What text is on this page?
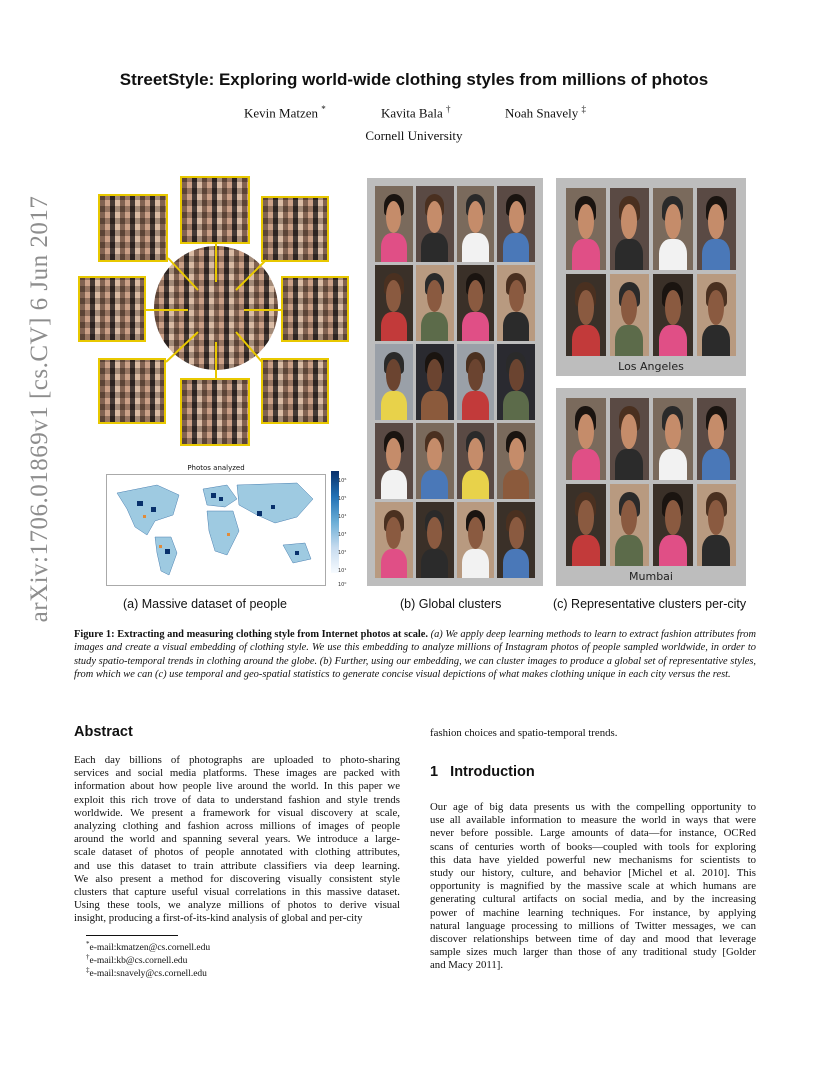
arXiv:1706.01869v1 [cs.CV] 6 Jun 2017
StreetStyle: Exploring world-wide clothing styles from millions of photos
Kevin Matzen *	Kavita Bala †	Noah Snavely ‡
Cornell University
Photos analyzed
10⁶
10⁵
10⁴
10³
10²
10¹
10⁰
Los Angeles
Mumbai
(a) Massive dataset of people	(b) Global clusters	(c) Representative clusters per-city
Figure 1: Extracting and measuring clothing style from Internet photos at scale. (a) We apply deep learning methods to learn to extract fashion attributes from images and create a visual embedding of clothing style. We use this embedding to analyze millions of Instagram photos of people sampled worldwide, in order to study spatio-temporal trends in clothing around the globe. (b) Further, using our embedding, we can cluster images to produce a global set of representative styles, from which we can (c) use temporal and geo-spatial statistics to generate concise visual depictions of what makes clothing unique in each city versus the rest.
Abstract
Each day billions of photographs are uploaded to photo-sharing
services and social media platforms. These images are packed with
information about how people live around the world. In this paper we
exploit this rich trove of data to understand fashion and style trends
worldwide. We present a framework for visual discovery at scale,
analyzing clothing and fashion across millions of images of people
around the world and spanning several years. We introduce a large-
scale dataset of photos of people annotated with clothing attributes,
and use this dataset to train attribute classifiers via deep learning.
We also present a method for discovering visually consistent style
clusters that capture useful visual correlations in this massive dataset.
Using these tools, we analyze millions of photos to derive visual
insight, producing a first-of-its-kind analysis of global and per-city
*e-mail:kmatzen@cs.cornell.edu
†e-mail:kb@cs.cornell.edu
‡e-mail:snavely@cs.cornell.edu
fashion choices and spatio-temporal trends.
1 Introduction
Our age of big data presents us with the compelling opportunity to
use all available information to measure the world in ways that were
never before possible. Large amounts of data—for instance, OCRed
scans of centuries worth of books—coupled with tools for exploring
this data have yielded powerful new mechanisms for scientists to
study our history, culture, and behavior [Michel et al. 2010]. This
opportunity is magnified by the massive scale at which humans are
generating cultural artifacts on social media, and by the increasing
power of machine learning techniques. For instance, by applying
natural language processing to millions of Twitter messages, we can
discover relationships between time of day and mood that leverage
sample sizes much larger than those of any traditional study [Golder
and Macy 2011].
